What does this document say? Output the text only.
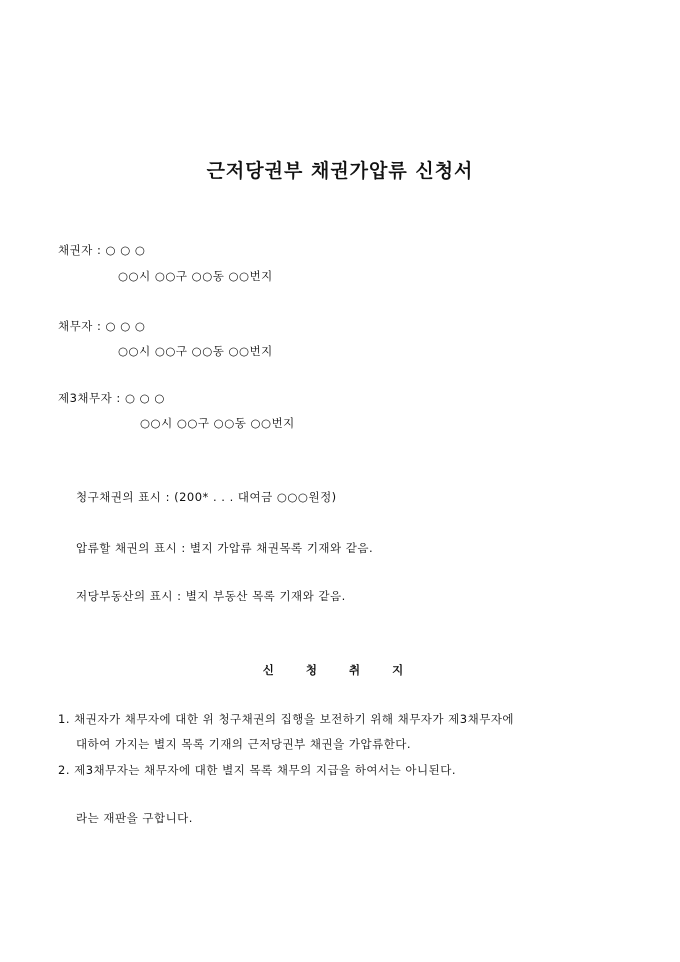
근저당권부 채권가압류 신청서
채권자 : ○ ○ ○
○○시 ○○구 ○○동 ○○번지
채무자 : ○ ○ ○
○○시 ○○구 ○○동 ○○번지
제3채무자 : ○ ○ ○
○○시 ○○구 ○○동 ○○번지
청구채권의 표시 : (200* . . . 대여금 ○○○원정)
압류할 채권의 표시 : 별지 가압류 채권목록 기재와 같음.
저당부동산의 표시 : 별지 부동산 목록 기재와 같음.
신 청 취 지
1. 채권자가 채무자에 대한 위 청구채권의 집행을 보전하기 위해 채무자가 제3채무자에
대하여 가지는 별지 목록 기재의 근저당권부 채권을 가압류한다.
2. 제3채무자는 채무자에 대한 별지 목록 채무의 지급을 하여서는 아니된다.
라는 재판을 구합니다.
